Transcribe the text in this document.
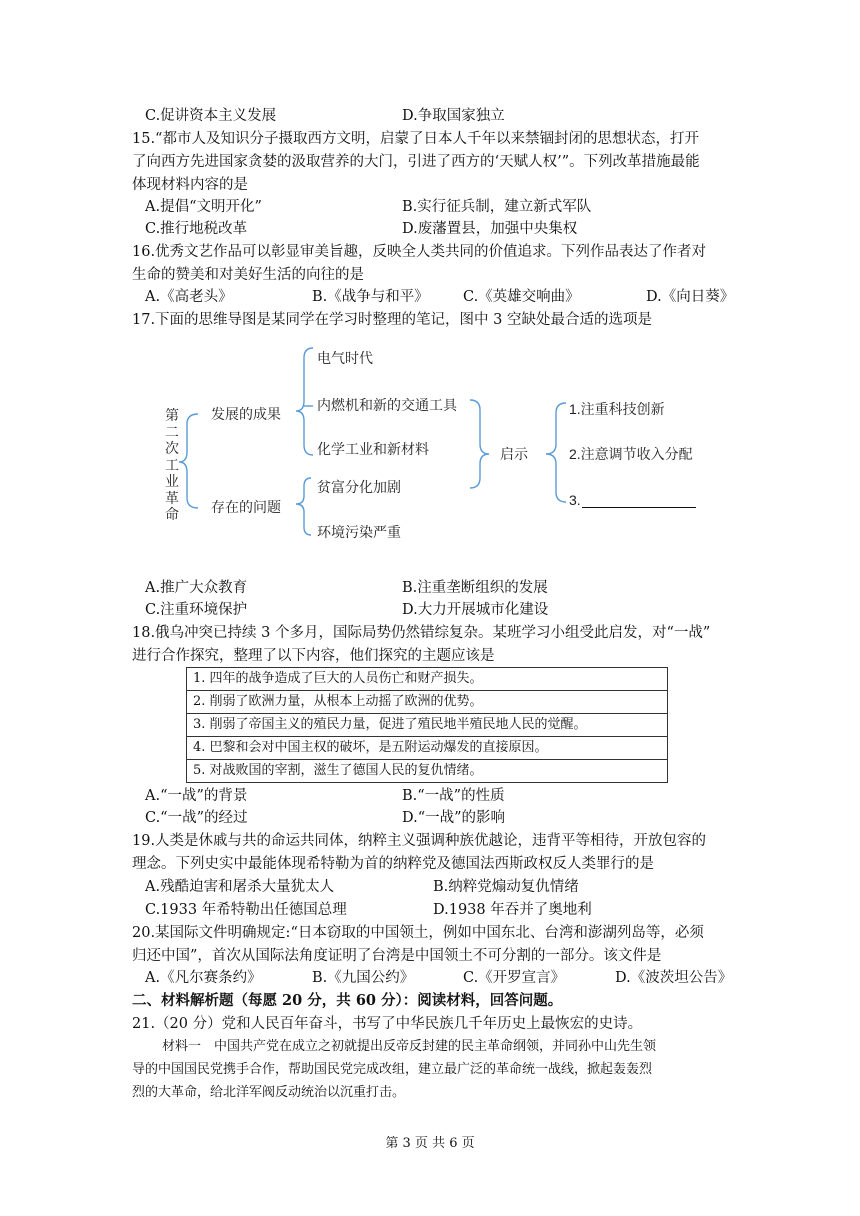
C.促讲资本主义发展	D.争取国家独立
15.“都市人及知识分子摄取西方文明，启蒙了日本人千年以来禁锢封闭的思想状态，打开
了向西方先进国家贪婪的汲取营养的大门，引进了西方的‘天赋人权’”。下列改革措施最能
体现材料内容的是
A.提倡“文明开化”	B.实行征兵制，建立新式军队
C.推行地税改革	D.废藩置县，加强中央集权
16.优秀文艺作品可以彰显审美旨趣，反映全人类共同的价值追求。下列作品表达了作者对
生命的赞美和对美好生活的向往的是
A.《高老头》	B.《战争与和平》 C.《英雄交响曲》	D.《向日葵》
17.下面的思维导图是某同学在学习时整理的笔记，图中 3 空缺处最合适的选项是
第二次工业革命
发展的成果
存在的问题
电气时代
内燃机和新的交通工具
化学工业和新材料
贫富分化加剧
环境污染严重
启示
1.注重科技创新
2.注意调节收入分配
3.
A.推广大众教育	B.注重垄断组织的发展
C.注重环境保护	D.大力开展城市化建设
18.俄乌冲突已持续 3 个多月，国际局势仍然错综复杂。某班学习小组受此启发，对“一战”
进行合作探究，整理了以下内容，他们探究的主题应该是
1. 四年的战争造成了巨大的人员伤亡和财产损失。
2. 削弱了欧洲力量，从根本上动摇了欧洲的优势。
3. 削弱了帝国主义的殖民力量，促进了殖民地半殖民地人民的觉醒。
4. 巴黎和会对中国主权的破坏，是五附运动爆发的直接原因。
5. 对战败国的宰割，滋生了德国人民的复仇情绪。
A.“一战”的背景	B.“一战”的性质
C.“一战”的经过	D.“一战”的影响
19.人类是休戚与共的命运共同体，纳粹主义强调种族优越论，违背平等相待，开放包容的
理念。下列史实中最能体现希特勒为首的纳粹党及德国法西斯政权反人类罪行的是
A.残酷迫害和屠杀大量犹太人	B.纳粹党煽动复仇情绪
C.1933 年希特勒出任德国总理	D.1938 年吞并了奥地利
20.某国际文件明确规定:“日本窃取的中国领土，例如中国东北、台湾和澎湖列岛等，必须
归还中国”，首次从国际法角度证明了台湾是中国领土不可分割的一部分。该文件是
A.《凡尔赛条约》	B.《九国公约》	C.《开罗宣言》	D.《波茨坦公告》
二、材料解析题（每愿 20 分，共 60 分）：阅读材料，回答问题。
21.（20 分）党和人民百年奋斗，书写了中华民族几千年历史上最恢宏的史诗。
材料一　中国共产党在成立之初就提出反帝反封建的民主革命纲领，并同孙中山先生领
导的中国国民党携手合作，帮助国民党完成改组，建立最广泛的革命统一战线，掀起轰轰烈
烈的大革命，给北洋军阀反动统治以沉重打击。
第 3 页 共 6 页
